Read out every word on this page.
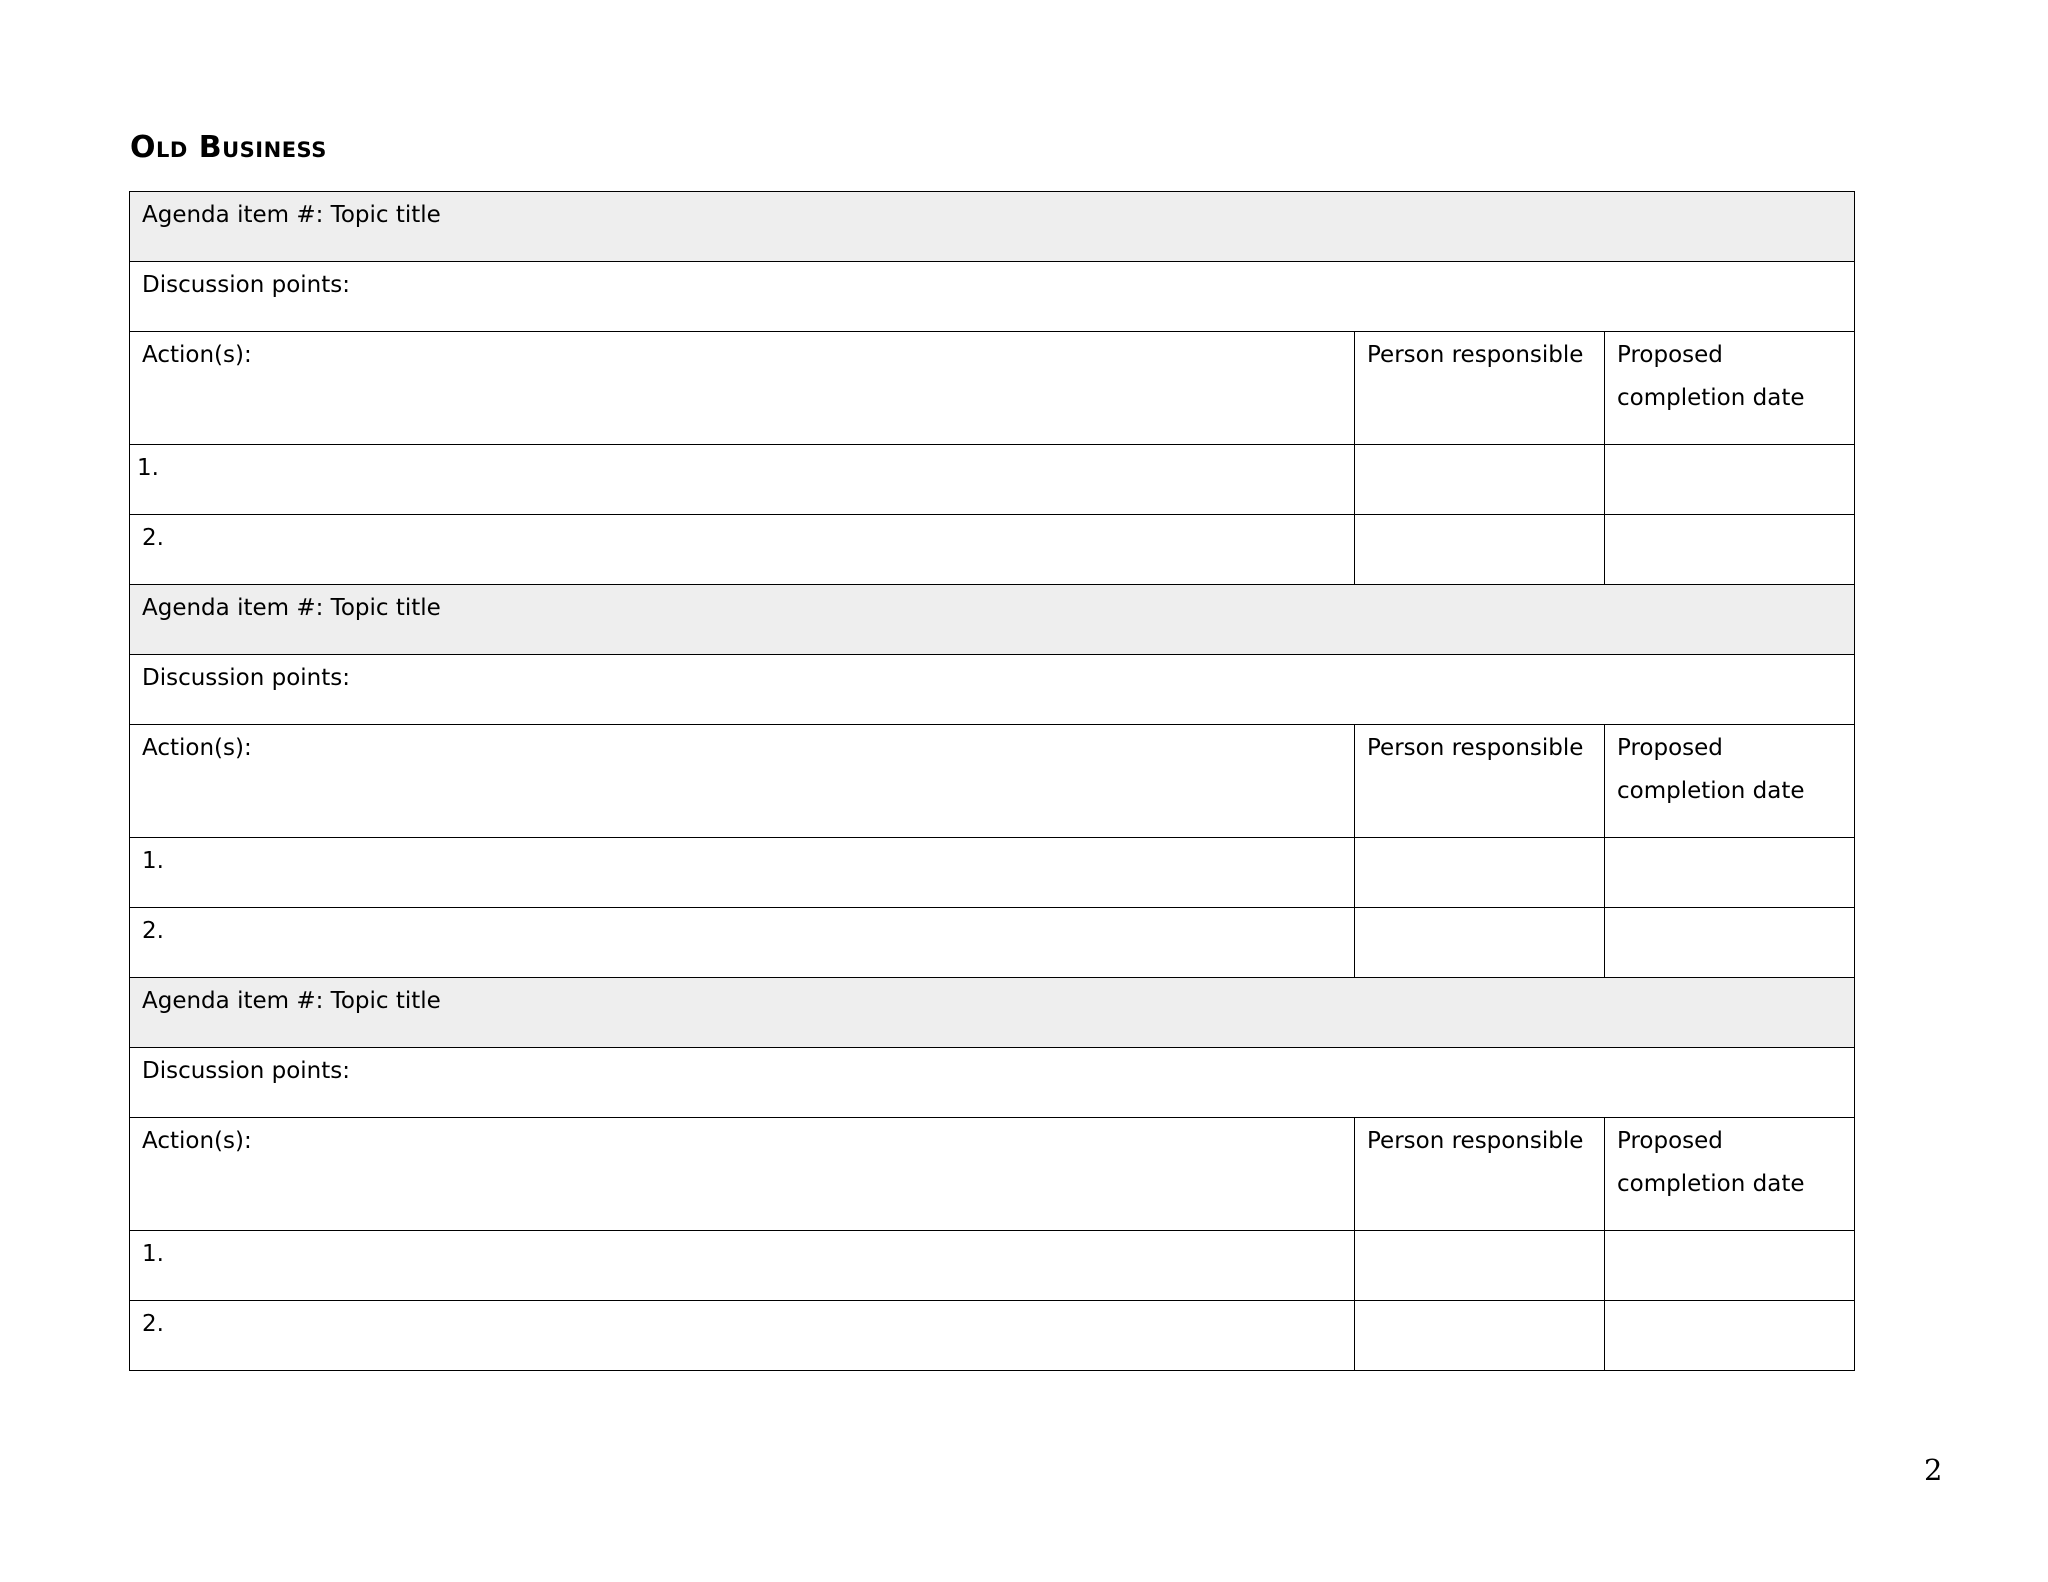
Old Business
Agenda item #: Topic title		
Discussion points:		
Action(s):	Person responsible	Proposed completion date
1.		
2.		
Agenda item #: Topic title		
Discussion points:		
Action(s):	Person responsible	Proposed completion date
1.		
2.		
Agenda item #: Topic title		
Discussion points:		
Action(s):	Person responsible	Proposed completion date
1.		
2.		
2
